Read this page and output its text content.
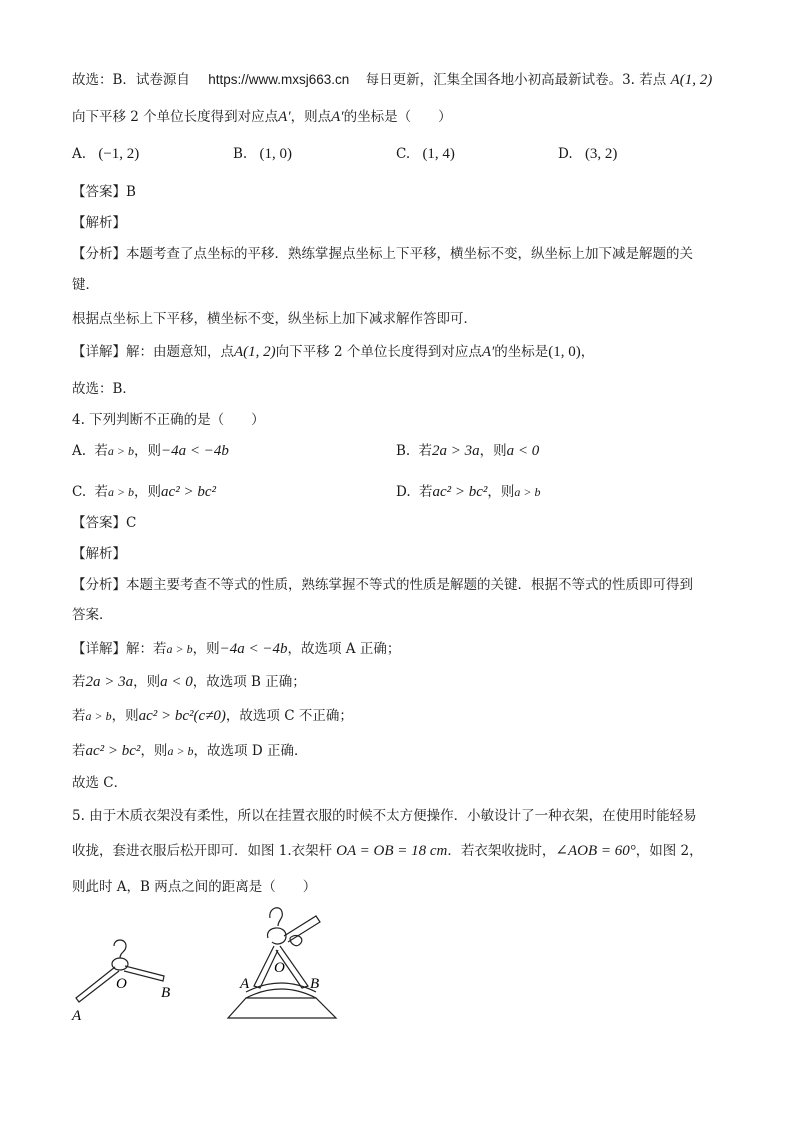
故选：B．试卷源自 https://www.mxsj663.cn 每日更新，汇集全国各地小初高最新试卷。3. 若点 A(1, 2)
向下平移 2 个单位长度得到对应点A′，则点A′的坐标是（　　）
A. (−1, 2)	B. (1, 0)	C. (1, 4)	D. (3, 2)
【答案】B
【解析】
【分析】本题考查了点坐标的平移．熟练掌握点坐标上下平移，横坐标不变，纵坐标上加下减是解题的关
键．
根据点坐标上下平移，横坐标不变，纵坐标上加下减求解作答即可．
【详解】解：由题意知，点A(1, 2)向下平移 2 个单位长度得到对应点A′的坐标是(1, 0)，
故选：B．
4. 下列判断不正确的是（　　）
A. 若a > b，则−4a < −4b	B. 若2a > 3a，则a < 0
C. 若a > b，则ac² > bc²	D. 若ac² > bc²，则a > b
【答案】C
【解析】
【分析】本题主要考查不等式的性质，熟练掌握不等式的性质是解题的关键．根据不等式的性质即可得到
答案．
【详解】解：若a > b，则−4a < −4b，故选项 A 正确；
若2a > 3a，则a < 0，故选项 B 正确；
若a > b，则ac² > bc²(c≠0)，故选项 C 不正确；
若ac² > bc²，则a > b，故选项 D 正确．
故选 C．
5. 由于木质衣架没有柔性，所以在挂置衣服的时候不太方便操作．小敏设计了一种衣架，在使用时能轻易
收拢，套进衣服后松开即可．如图 1.衣架杆 OA = OB = 18 cm．若衣架收拢时，∠AOB = 60°，如图 2，
则此时 A，B 两点之间的距离是（　　）
O
B
A
O
A	B
